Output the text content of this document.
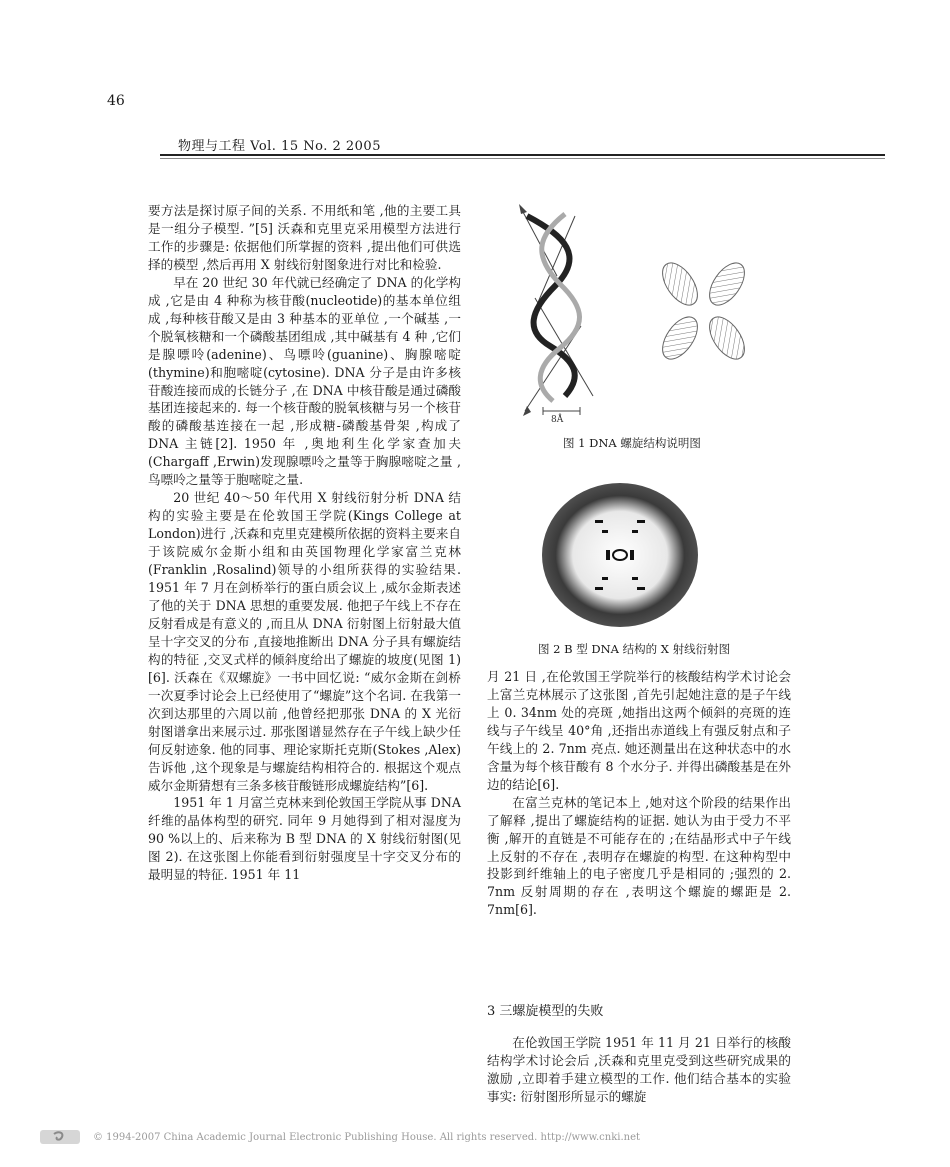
46
物理与工程 Vol. 15 No. 2 2005

要方法是探讨原子间的关系. 不用纸和笔 ,他的主要工具是一组分子模型. ”[5] 沃森和克里克采用模型方法进行工作的步骤是: 依据他们所掌握的资料 ,提出他们可供选择的模型 ,然后再用 X 射线衍射图象进行对比和检验.

早在 20 世纪 30 年代就已经确定了 DNA 的化学构成 ,它是由 4 种称为核苷酸(nucleotide)的基本单位组成 ,每种核苷酸又是由 3 种基本的亚单位 ,一个碱基 ,一个脱氧核糖和一个磷酸基团组成 ,其中碱基有 4 种 ,它们是腺嘌呤(adenine)、鸟嘌呤(guanine)、胸腺嘧啶(thymine)和胞嘧啶(cytosine). DNA 分子是由许多核苷酸连接而成的长链分子 ,在 DNA 中核苷酸是通过磷酸基团连接起来的. 每一个核苷酸的脱氧核糖与另一个核苷酸的磷酸基连接在一起 ,形成糖-磷酸基骨架 ,构成了 DNA 主链[2]. 1950 年 ,奥地利生化学家查加夫(Chargaff ,Erwin)发现腺嘌呤之量等于胸腺嘧啶之量 ,鸟嘌呤之量等于胞嘧啶之量.

20 世纪 40～50 年代用 X 射线衍射分析 DNA 结构的实验主要是在伦敦国王学院(Kings College at London)进行 ,沃森和克里克建模所依据的资料主要来自于该院威尔金斯小组和由英国物理化学家富兰克林(Franklin ,Rosalind)领导的小组所获得的实验结果. 1951 年 7 月在剑桥举行的蛋白质会议上 ,威尔金斯表述了他的关于 DNA 思想的重要发展. 他把子午线上不存在反射看成是有意义的 ,而且从 DNA 衍射图上衍射最大值呈十字交叉的分布 ,直接地推断出 DNA 分子具有螺旋结构的特征 ,交叉式样的倾斜度给出了螺旋的坡度(见图 1)[6]. 沃森在《双螺旋》一书中回忆说: “威尔金斯在剑桥一次夏季讨论会上已经使用了“螺旋”这个名词. 在我第一次到达那里的六周以前 ,他曾经把那张 DNA 的 X 光衍射图谱拿出来展示过. 那张图谱显然存在子午线上缺少任何反射迹象. 他的同事、理论家斯托克斯(Stokes ,Alex)告诉他 ,这个现象是与螺旋结构相符合的. 根据这个观点威尔金斯猜想有三条多核苷酸链形成螺旋结构”[6].

1951 年 1 月富兰克林来到伦敦国王学院从事 DNA 纤维的晶体构型的研究. 同年 9 月她得到了相对湿度为 90 %以上的、后来称为 B 型 DNA 的 X 射线衍射图(见图 2). 在这张图上你能看到衍射强度呈十字交叉分布的最明显的特征. 1951 年 11

8Å
图 1 DNA 螺旋结构说明图
图 2 B 型 DNA 结构的 X 射线衍射图

月 21 日 ,在伦敦国王学院举行的核酸结构学术讨论会上富兰克林展示了这张图 ,首先引起她注意的是子午线上 0. 34nm 处的亮斑 ,她指出这两个倾斜的亮斑的连线与子午线呈 40°角 ,还指出赤道线上有强反射点和子午线上的 2. 7nm 亮点. 她还测量出在这种状态中的水含量为每个核苷酸有 8 个水分子. 并得出磷酸基是在外边的结论[6].

在富兰克林的笔记本上 ,她对这个阶段的结果作出了解释 ,提出了螺旋结构的证据. 她认为由于受力不平衡 ,解开的直链是不可能存在的 ;在结晶形式中子午线上反射的不存在 ,表明存在螺旋的构型. 在这种构型中投影到纤维轴上的电子密度几乎是相同的 ;强烈的 2. 7nm 反射周期的存在 ,表明这个螺旋的螺距是 2. 7nm[6].

3 三螺旋模型的失败

在伦敦国王学院 1951 年 11 月 21 日举行的核酸结构学术讨论会后 ,沃森和克里克受到这些研究成果的激励 ,立即着手建立模型的工作. 他们结合基本的实验事实: 衍射图形所显示的螺旋

© 1994-2007 China Academic Journal Electronic Publishing House. All rights reserved. http://www.cnki.net
